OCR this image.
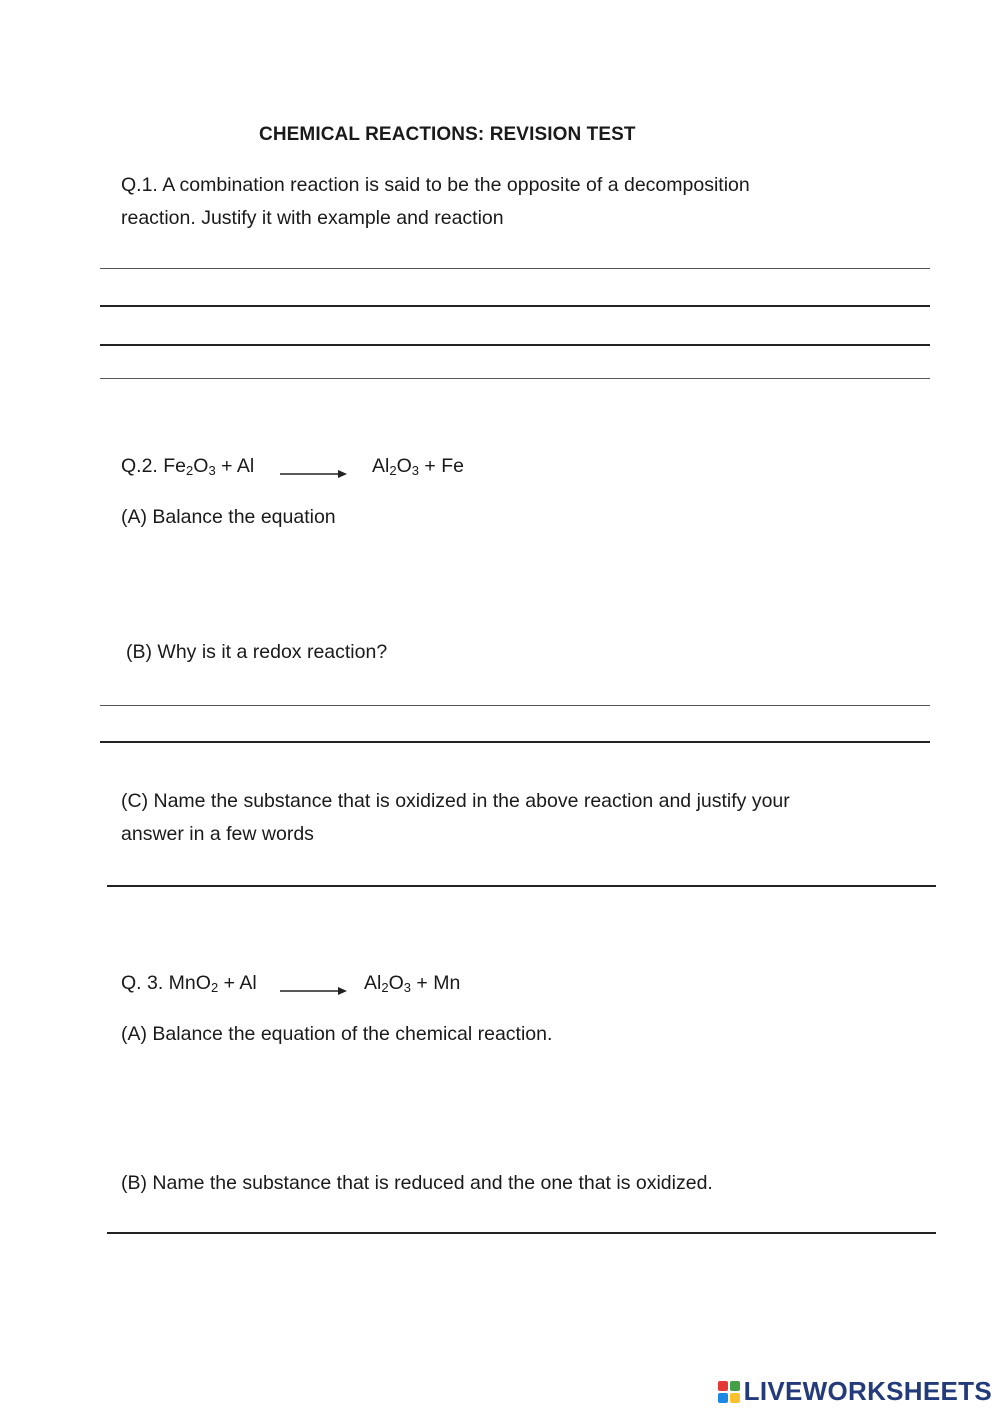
CHEMICAL REACTIONS: REVISION TEST
Q.1. A combination reaction is said to be the opposite of a decomposition
reaction. Justify it with example and reaction
Q.2. $Fe_2O_3 + Al$	$Al_2O_3 + Fe$
(A) Balance the equation
(B) Why is it a redox reaction?
(C) Name the substance that is oxidized in the above reaction and justify your
answer in a few words
Q. 3. MnO$_2$ + Al	$Al_2O_3 + Mn$
(A) Balance the equation of the chemical reaction.
(B) Name the substance that is reduced and the one that is oxidized.
LIVEWORKSHEETS
